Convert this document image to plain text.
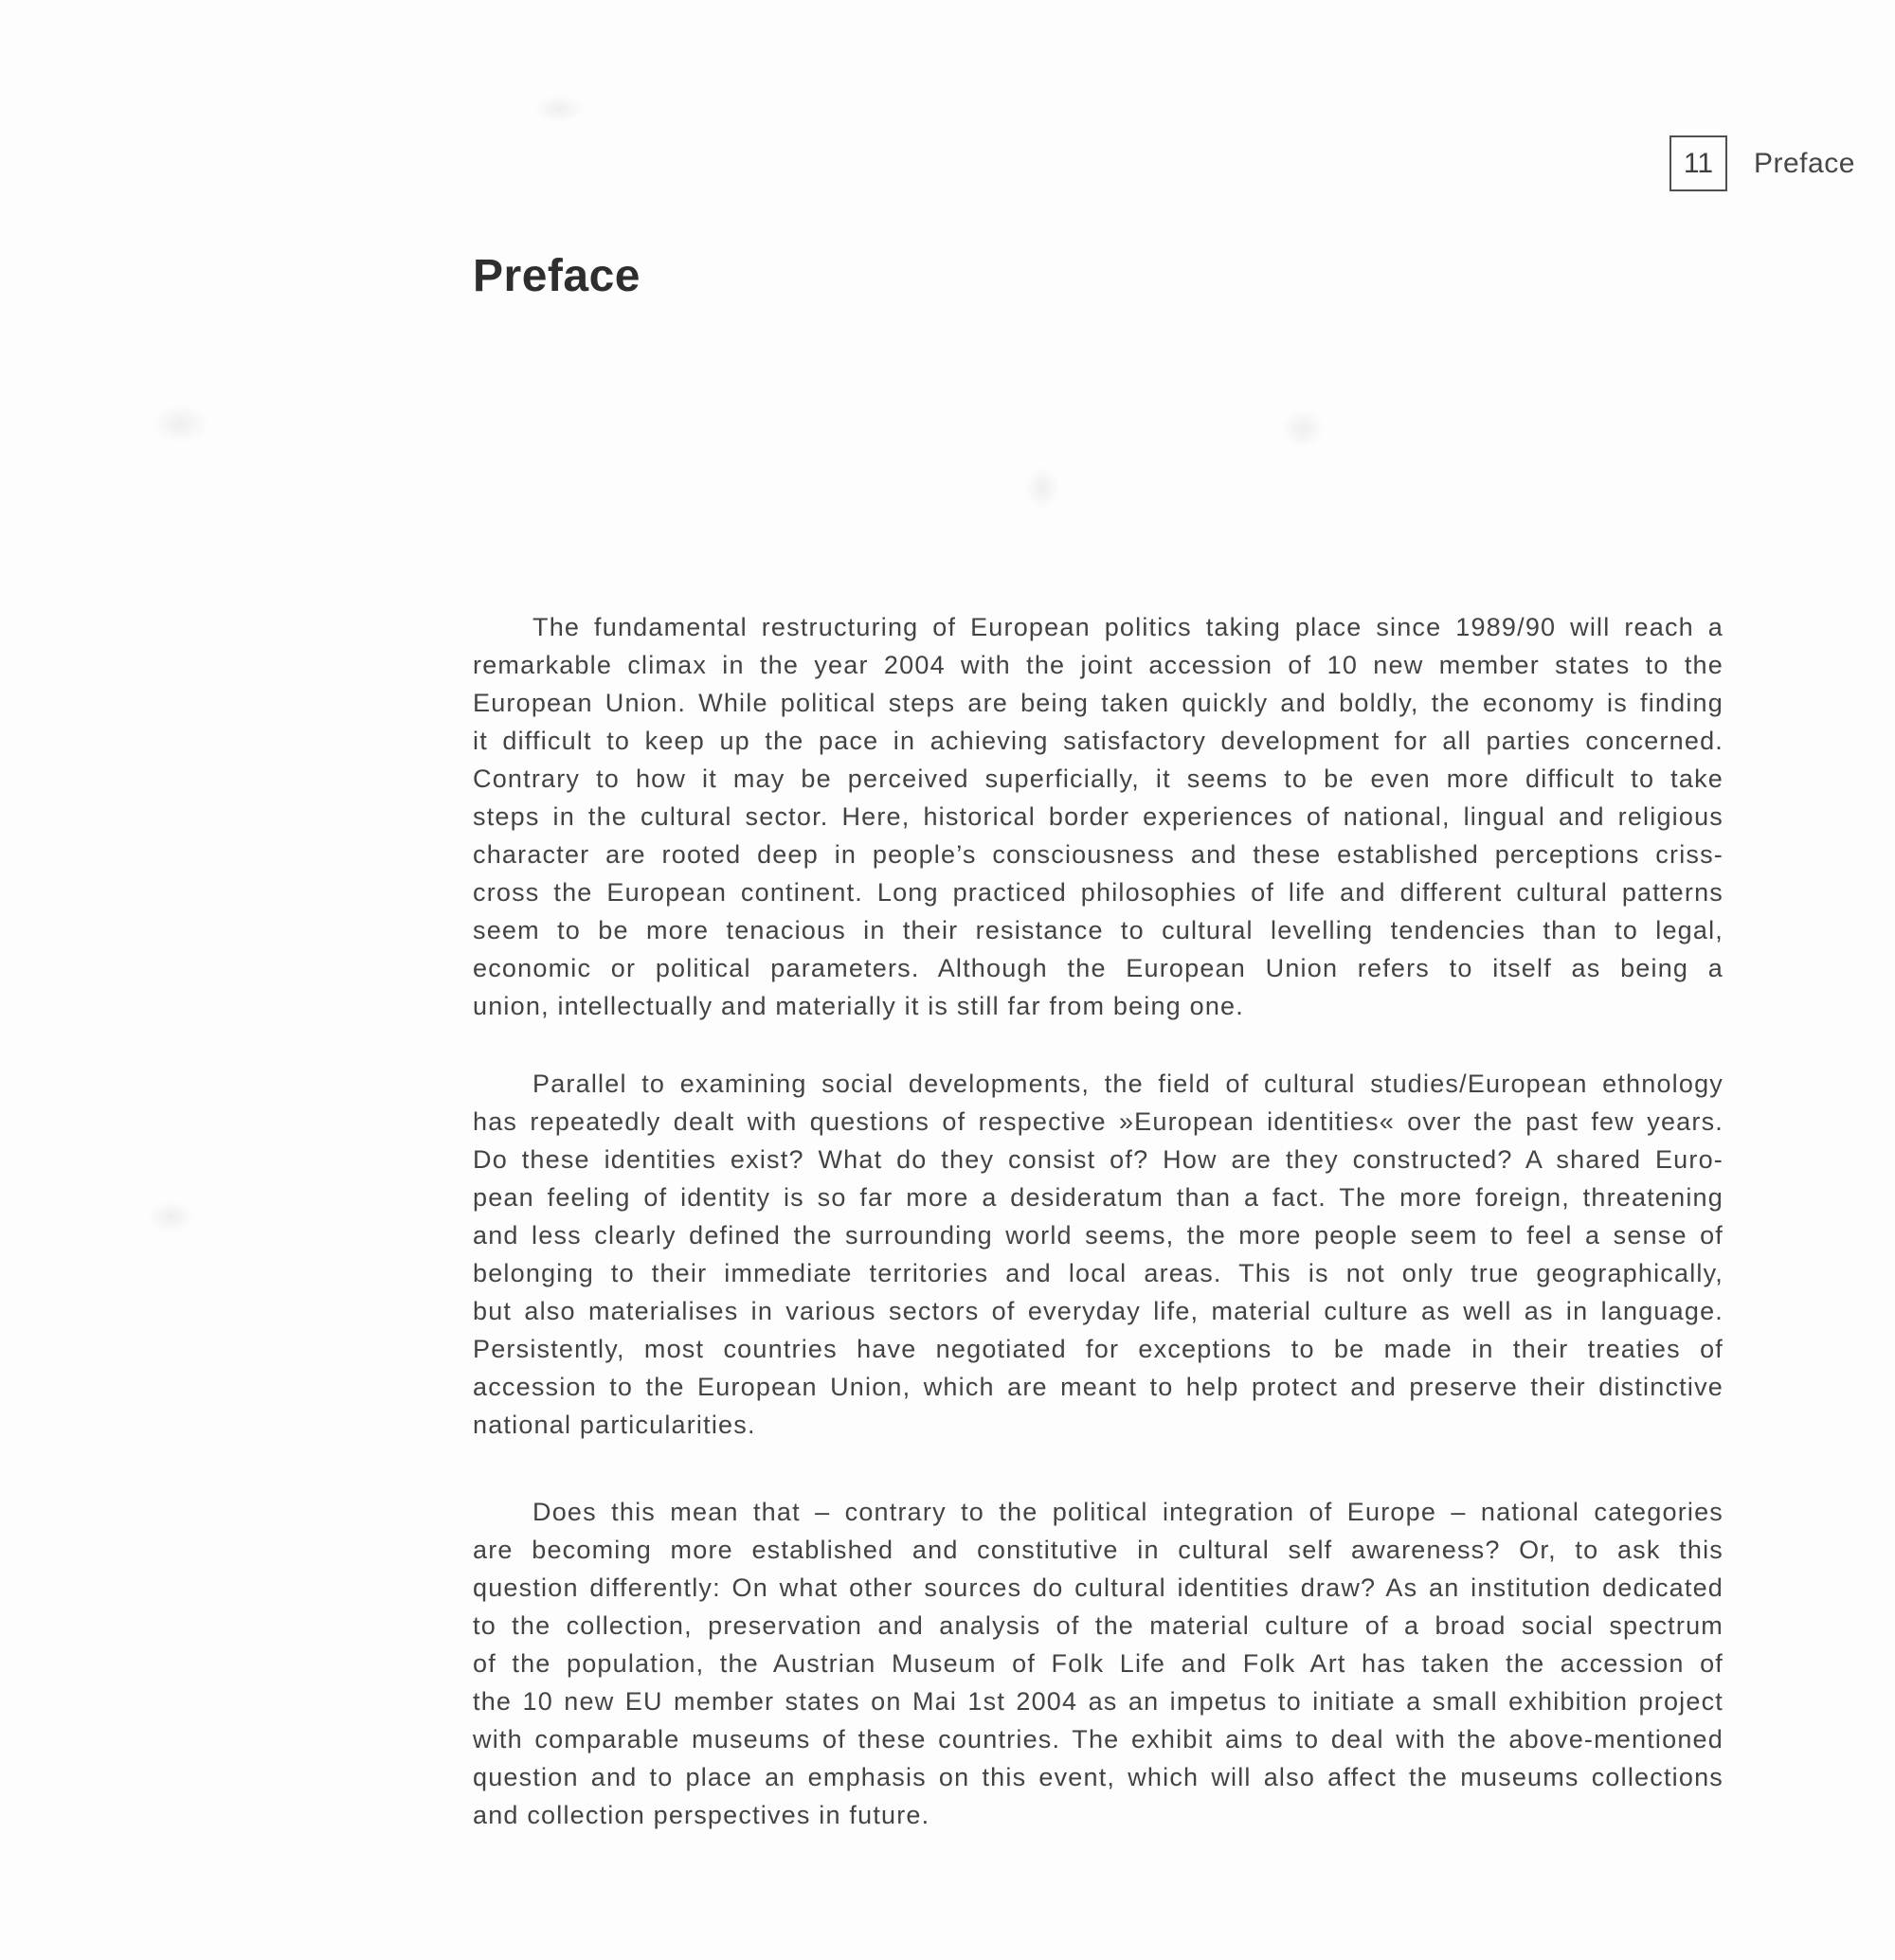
11 Preface
Preface
The fundamental restructuring of European politics taking place since 1989/90 will reach a
remarkable climax in the year 2004 with the joint accession of 10 new member states to the
European Union. While political steps are being taken quickly and boldly, the economy is finding
it difficult to keep up the pace in achieving satisfactory development for all parties concerned.
Contrary to how it may be perceived superficially, it seems to be even more difficult to take
steps in the cultural sector. Here, historical border experiences of national, lingual and religious
character are rooted deep in people’s consciousness and these established perceptions criss-
cross the European continent. Long practiced philosophies of life and different cultural patterns
seem to be more tenacious in their resistance to cultural levelling tendencies than to legal,
economic or political parameters. Although the European Union refers to itself as being a
union, intellectually and materially it is still far from being one.
Parallel to examining social developments, the field of cultural studies/European ethnology
has repeatedly dealt with questions of respective »European identities« over the past few years.
Do these identities exist? What do they consist of? How are they constructed? A shared Euro-
pean feeling of identity is so far more a desideratum than a fact. The more foreign, threatening
and less clearly defined the surrounding world seems, the more people seem to feel a sense of
belonging to their immediate territories and local areas. This is not only true geographically,
but also materialises in various sectors of everyday life, material culture as well as in language.
Persistently, most countries have negotiated for exceptions to be made in their treaties of
accession to the European Union, which are meant to help protect and preserve their distinctive
national particularities.
Does this mean that – contrary to the political integration of Europe – national categories
are becoming more established and constitutive in cultural self awareness? Or, to ask this
question differently: On what other sources do cultural identities draw? As an institution dedicated
to the collection, preservation and analysis of the material culture of a broad social spectrum
of the population, the Austrian Museum of Folk Life and Folk Art has taken the accession of
the 10 new EU member states on Mai 1st 2004 as an impetus to initiate a small exhibition project
with comparable museums of these countries. The exhibit aims to deal with the above-mentioned
question and to place an emphasis on this event, which will also affect the museums collections
and collection perspectives in future.
